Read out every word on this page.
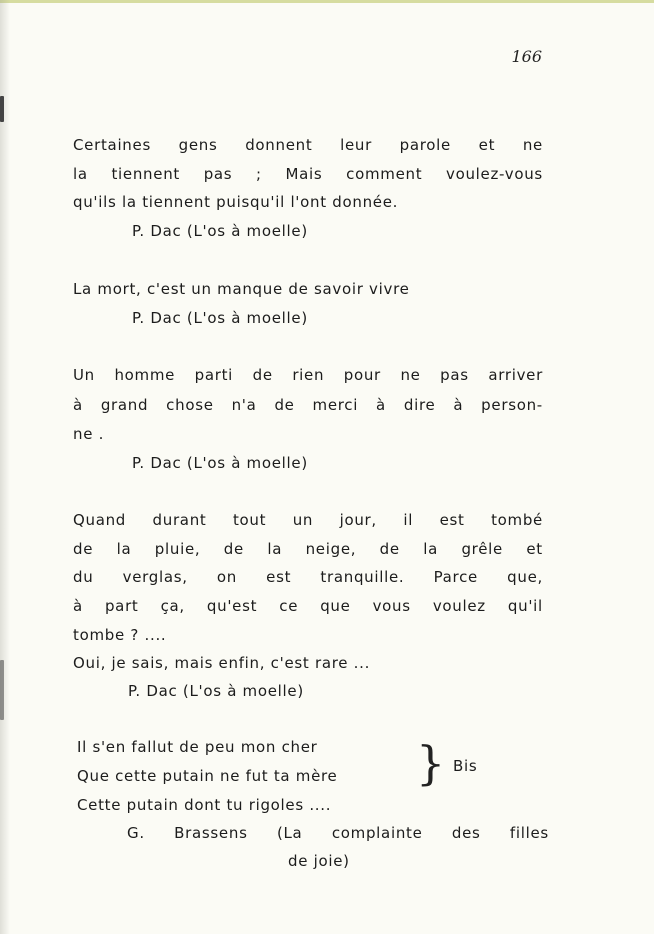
166
Certaines gens donnent leur parole et ne
la tiennent pas ; Mais comment voulez-vous
qu'ils la tiennent puisqu'il l'ont donnée.
P. Dac (L'os à moelle)
La mort, c'est un manque de savoir vivre
P. Dac (L'os à moelle)
Un homme parti de rien pour ne pas arriver
à grand chose n'a de merci à dire à person-
ne .
P. Dac (L'os à moelle)
Quand durant tout un jour, il est tombé
de la pluie, de la neige, de la grêle et
du verglas, on est tranquille. Parce que,
à part ça, qu'est ce que vous voulez qu'il
tombe ? ....
Oui, je sais, mais enfin, c'est rare ...
P. Dac (L'os à moelle)
Il s'en fallut de peu mon cher
Que cette putain ne fut ta mère
Cette putain dont tu rigoles ....
} Bis
G. Brassens (La complainte des filles
de joie)
